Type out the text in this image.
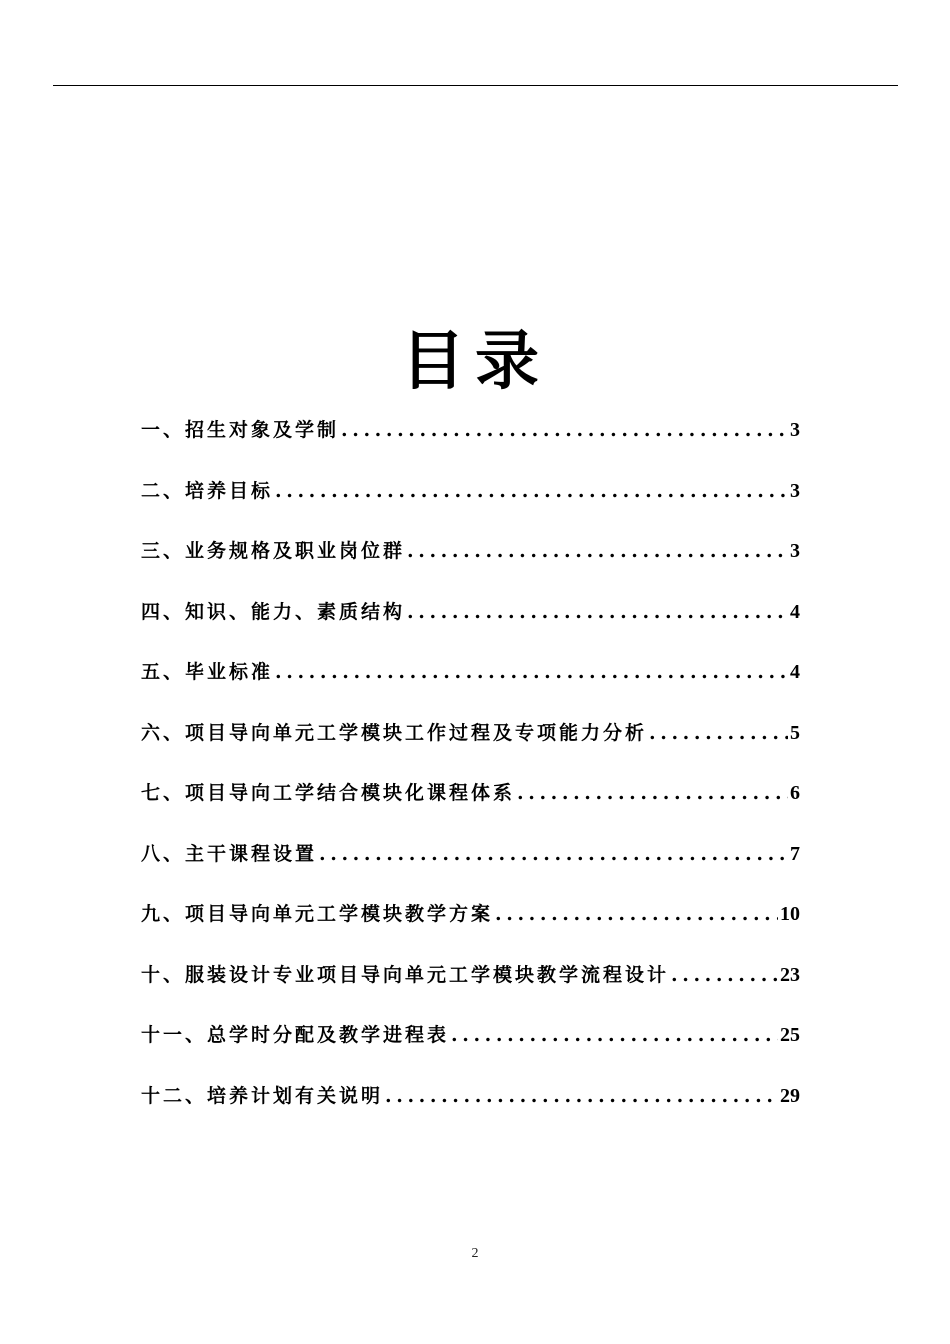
目录
一、招生对象及学制 .....	3
二、培养目标 .....	3
三、业务规格及职业岗位群 .....	3
四、知识、能力、素质结构 .....	4
五、毕业标准 .....	4
六、项目导向单元工学模块工作过程及专项能力分析 .....	5
七、项目导向工学结合模块化课程体系 .....	6
八、主干课程设置 .....	7
九、项目导向单元工学模块教学方案 .....	10
十、服装设计专业项目导向单元工学模块教学流程设计 .....	23
十一、总学时分配及教学进程表 .....	25
十二、培养计划有关说明 .....	29
2
